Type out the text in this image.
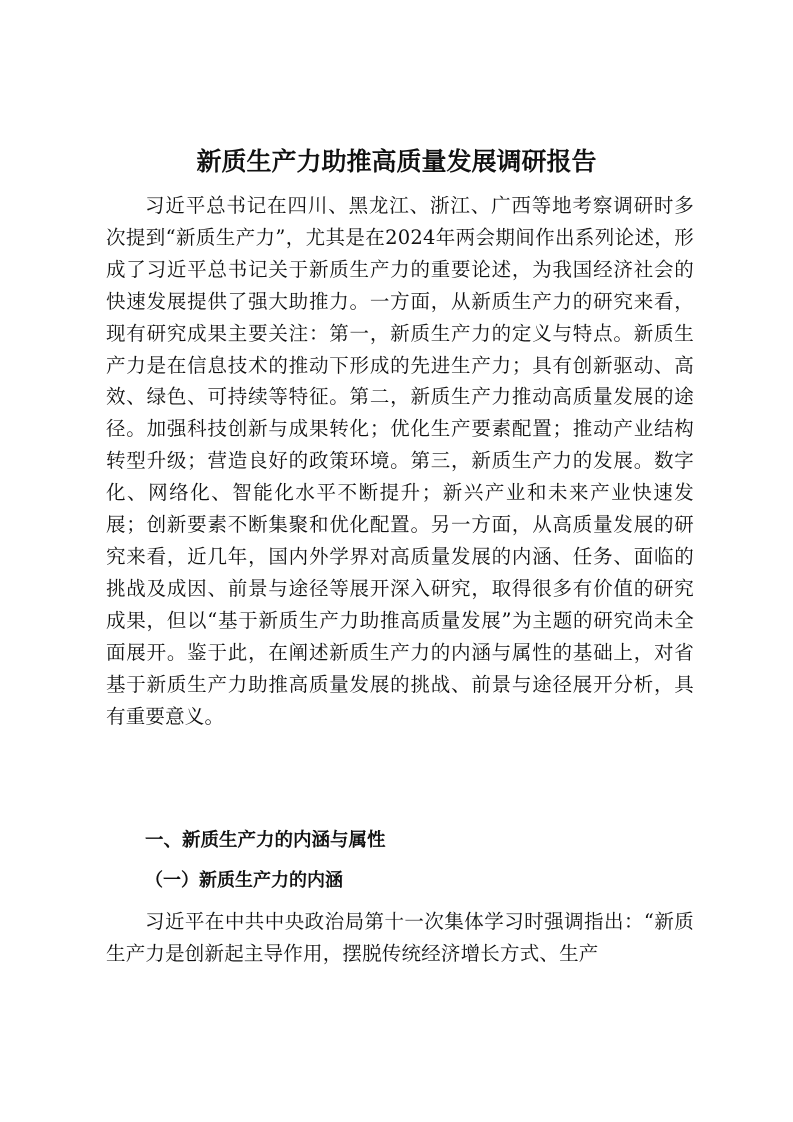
新质生产力助推高质量发展调研报告
习近平总书记在四川、黑龙江、浙江、广西等地考察调研时多次提到“新质生产力”，尤其是在2024年两会期间作出系列论述，形成了习近平总书记关于新质生产力的重要论述，为我国经济社会的快速发展提供了强大助推力。一方面，从新质生产力的研究来看，现有研究成果主要关注：第一，新质生产力的定义与特点。新质生产力是在信息技术的推动下形成的先进生产力；具有创新驱动、高效、绿色、可持续等特征。第二，新质生产力推动高质量发展的途径。加强科技创新与成果转化；优化生产要素配置；推动产业结构转型升级；营造良好的政策环境。第三，新质生产力的发展。数字化、网络化、智能化水平不断提升；新兴产业和未来产业快速发展；创新要素不断集聚和优化配置。另一方面，从高质量发展的研究来看，近几年，国内外学界对高质量发展的内涵、任务、面临的挑战及成因、前景与途径等展开深入研究，取得很多有价值的研究成果，但以“基于新质生产力助推高质量发展”为主题的研究尚未全面展开。鉴于此，在阐述新质生产力的内涵与属性的基础上，对省基于新质生产力助推高质量发展的挑战、前景与途径展开分析，具有重要意义。
一、新质生产力的内涵与属性
（一）新质生产力的内涵
习近平在中共中央政治局第十一次集体学习时强调指出：“新质生产力是创新起主导作用，摆脱传统经济增长方式、生产
